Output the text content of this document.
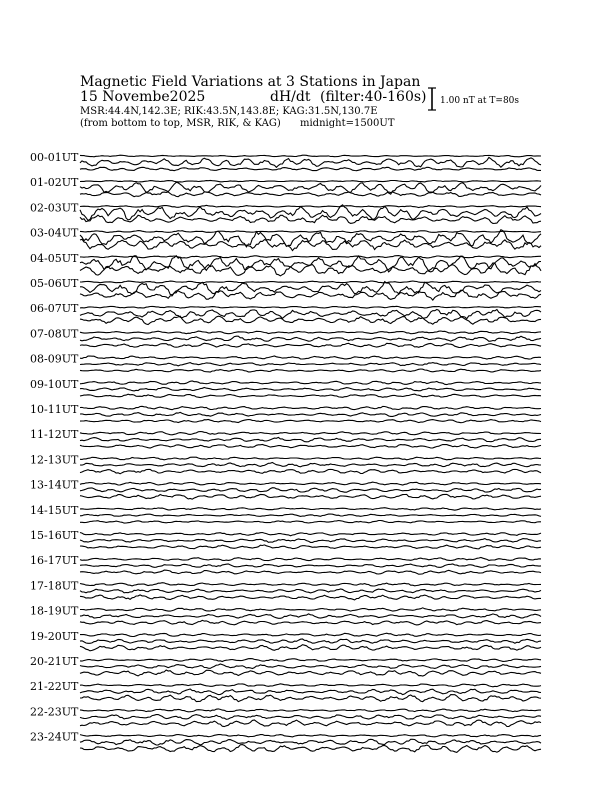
Magnetic Field Variations at 3 Stations in Japan
15 Novembe2025	dH/dt (filter:40-160s)
MSR:44.4N,142.3E; RIK:43.5N,143.8E; KAG:31.5N,130.7E
(from bottom to top, MSR, RIK, & KAG) midnight=1500UT
1.00 nT at T=80s
00-01UT
01-02UT
02-03UT
03-04UT
04-05UT
05-06UT
06-07UT
07-08UT
08-09UT
09-10UT
10-11UT
11-12UT
12-13UT
13-14UT
14-15UT
15-16UT
16-17UT
17-18UT
18-19UT
19-20UT
20-21UT
21-22UT
22-23UT
23-24UT
